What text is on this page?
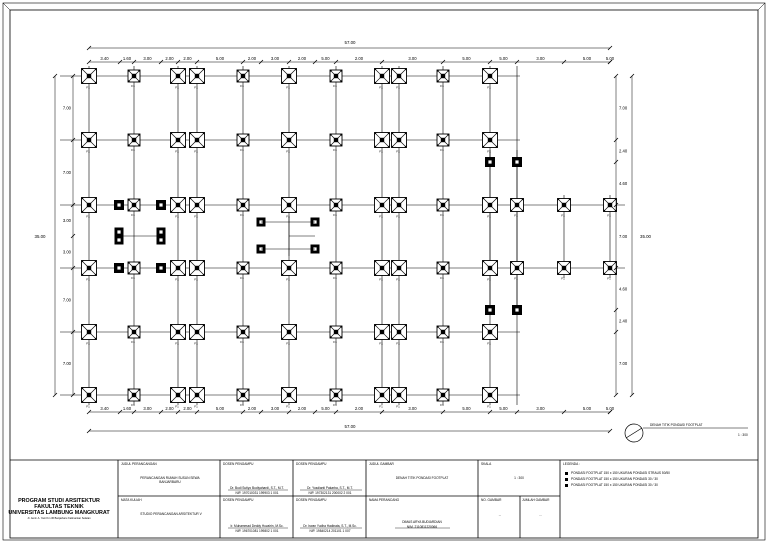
F1	F1	F1	F1	F1	F1	F1	F1	F1	F1	F1
F1	F1	F1	F1	F1	F1	F1	F1	F1	F1	F1
F1	F1	F1	F1	F1	F1	F1	F1	F1	F1	F1
F1	F1	F1	F1	F1	F1	F1	F1	F1	F1	F1
F1	F1	F1	F1	F1	F1	F1	F1	F1	F1	F1
F1	F1	F1	F1	F1	F1	F1	F1	F1	F1	F1
F1
F1
F1
F1
F1
F1
57.00
57.00
3.40	1.60	3.00	2.00 2.00	5.00	2.00	3.00	2.00	5.00	2.00	3.00	5.00	5.00	3.00	5.00	5.00
3.40	1.60	3.00	2.00 2.00	5.00	2.00	3.00	2.00	5.00	2.00	3.00	5.00	5.00	3.00	5.00	5.00
35.00
7.00
7.00
3.00
3.00
7.00
7.00
35.00
7.00
2.40
4.60
7.00
4.60
2.40
7.00
DENAH TITIK PONDASI FOOTPLAT
1 : 300
PROGRAM STUDI ARSITEKTUR
FAKULTAS TEKNIK
UNIVERSITAS LAMBUNG MANGKURAT
Jl. Jend. A. Yani Km 36 Banjarbaru Kalimantan Selatan
JUDUL PERANCANGAN
PERANCANGAN RUMAH SUSUN SEWA BANJARBARU
MATA KULIAH
STUDIO PERANCANGAN ARSITEKTUR V
DOSEN PENGAMPU
Dr. Budi Sutiyo Budiyahardi, S.T., M.T.
NIP. 197010031 199903 1 001
DOSEN PENGAMPU
Ir. Muhammad Deddy Huzairin, M.Sc.
NIP. 196701081 199802 1 001
DOSEN PENGAMPU
Dr. Yusdianti Pakarba, S.T., M.T.
NIP. 197302131 200002 2 001
DOSEN PENGAMPU
Dr. Irwan Yudha Hadinata, S.T., M.Sc.
NIP. 19840214 201101 1 007
JUDUL GAMBAR
DENAH TITIK PONDASI FOOTPLAT
NAMA PERANCANG
DIMAS ARYA BUDIARDIAN
NIM. 2110811220066
SKALA
1 : 300
NO. GAMBAR
...
JUMLAH GAMBAR
...
LEGENDA :
PONDASI FOOTPLAT 150 x 150 UKURAN PONDASI STRAUS 50/50
PONDASI FOOTPLAT 150 x 150 UKURAN PONDASI 30 / 30
PONDASI FOOTPLAT 150 x 150 UKURAN PONDASI 30 / 30
